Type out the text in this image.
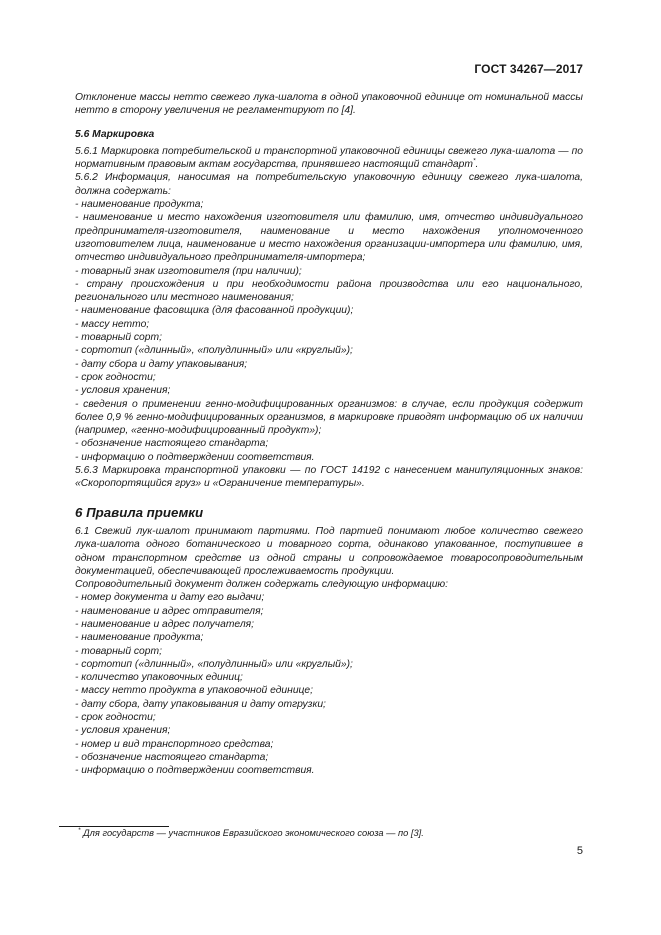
ГОСТ 34267—2017

Отклонение массы нетто свежего лука-шалота в одной упаковочной единице от номинальной массы нетто в сторону увеличения не регламентируют по [4].

5.6 Маркировка

5.6.1 Маркировка потребительской и транспортной упаковочной единицы свежего лука-шалота — по нормативным правовым актам государства, принявшего настоящий стандарт*.

5.6.2 Информация, наносимая на потребительскую упаковочную единицу свежего лука-шалота, должна содержать:

- наименование продукта;
- наименование и место нахождения изготовителя или фамилию, имя, отчество индивидуального предпринимателя-изготовителя, наименование и место нахождения уполномоченного изготовителем лица, наименование и место нахождения организации-импортера или фамилию, имя, отчество индивидуального предпринимателя-импортера;
- товарный знак изготовителя (при наличии);
- страну происхождения и при необходимости района производства или его национального, регионального или местного наименования;
- наименование фасовщика (для фасованной продукции);
- массу нетто;
- товарный сорт;
- сортотип («длинный», «полудлинный» или «круглый»);
- дату сбора и дату упаковывания;
- срок годности;
- условия хранения;
- сведения о применении генно-модифицированных организмов: в случае, если продукция содержит более 0,9 % генно-модифицированных организмов, в маркировке приводят информацию об их наличии (например, «генно-модифицированный продукт»);
- обозначение настоящего стандарта;
- информацию о подтверждении соответствия.

5.6.3 Маркировка транспортной упаковки — по ГОСТ 14192 с нанесением манипуляционных знаков: «Скоропортящийся груз» и «Ограничение температуры».

6 Правила приемки

6.1 Свежий лук-шалот принимают партиями. Под партией понимают любое количество свежего лука-шалота одного ботанического и товарного сорта, одинаково упакованное, поступившее в одном транспортном средстве из одной страны и сопровождаемое товаросопроводительным документацией, обеспечивающей прослеживаемость продукции.

Сопроводительный документ должен содержать следующую информацию:

- номер документа и дату его выдачи;
- наименование и адрес отправителя;
- наименование и адрес получателя;
- наименование продукта;
- товарный сорт;
- сортотип («длинный», «полудлинный» или «круглый»);
- количество упаковочных единиц;
- массу нетто продукта в упаковочной единице;
- дату сбора, дату упаковывания и дату отгрузки;
- срок годности;
- условия хранения;
- номер и вид транспортного средства;
- обозначение настоящего стандарта;
- информацию о подтверждении соответствия.
* Для государств — участников Евразийского экономического союза — по [3].
5
